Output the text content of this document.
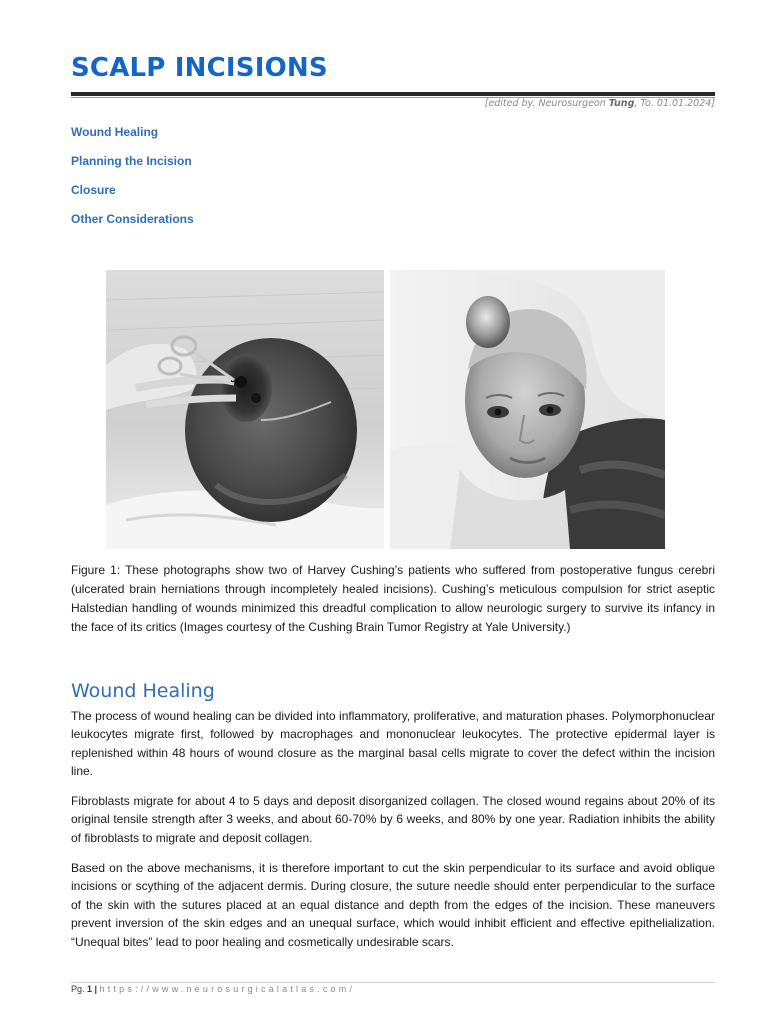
SCALP INCISIONS
[edited by. Neurosurgeon Tung, To. 01.01.2024]
Wound Healing
Planning the Incision
Closure
Other Considerations

Figure 1: These photographs show two of Harvey Cushing’s patients who suffered from postoperative fungus cerebri (ulcerated brain herniations through incompletely healed incisions). Cushing’s meticulous compulsion for strict aseptic Halstedian handling of wounds minimized this dreadful complication to allow neurologic surgery to survive its infancy in the face of its critics (Images courtesy of the Cushing Brain Tumor Registry at Yale University.)

Wound Healing

The process of wound healing can be divided into inflammatory, proliferative, and maturation phases. Polymorphonuclear leukocytes migrate first, followed by macrophages and mononuclear leukocytes. The protective epidermal layer is replenished within 48 hours of wound closure as the marginal basal cells migrate to cover the defect within the incision line.

Fibroblasts migrate for about 4 to 5 days and deposit disorganized collagen. The closed wound regains about 20% of its original tensile strength after 3 weeks, and about 60-70% by 6 weeks, and 80% by one year. Radiation inhibits the ability of fibroblasts to migrate and deposit collagen.

Based on the above mechanisms, it is therefore important to cut the skin perpendicular to its surface and avoid oblique incisions or scything of the adjacent dermis. During closure, the suture needle should enter perpendicular to the surface of the skin with the sutures placed at an equal distance and depth from the edges of the incision. These maneuvers prevent inversion of the skin edges and an unequal surface, which would inhibit efficient and effective epithelialization. “Unequal bites” lead to poor healing and cosmetically undesirable scars.

Pg. 1 | https://www.neurosurgicalatlas.com/
